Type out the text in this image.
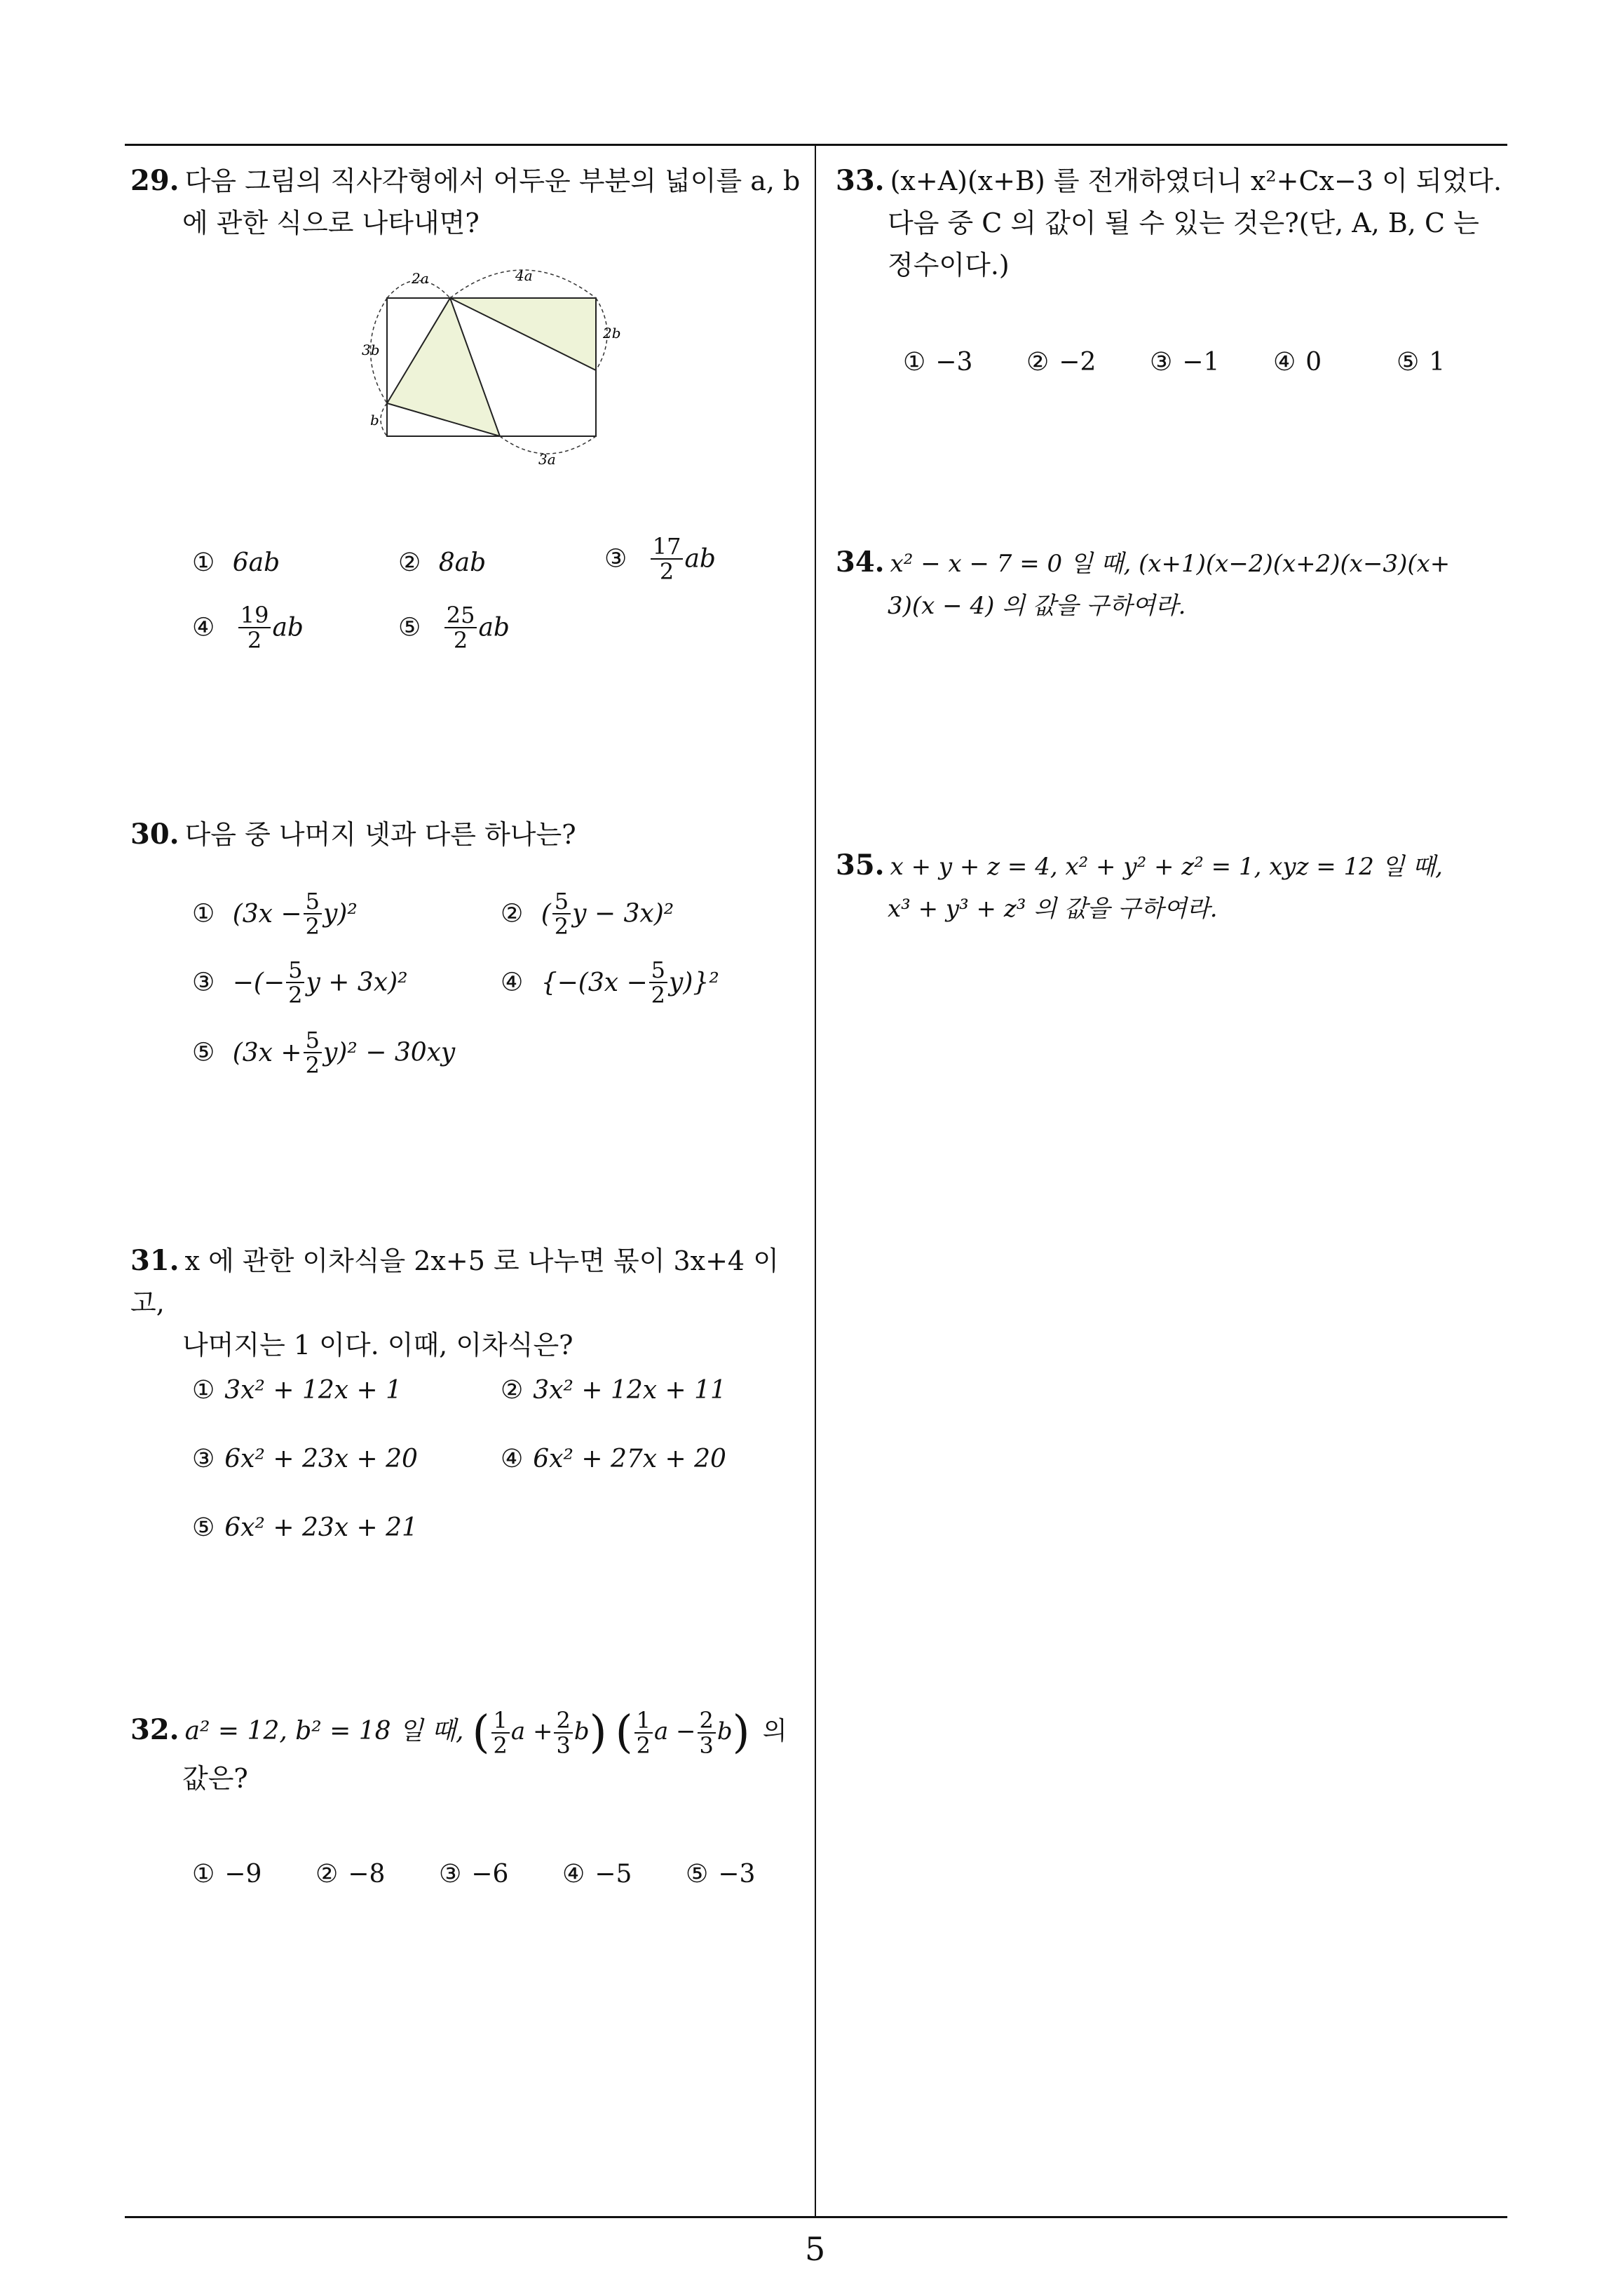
29. 다음 그림의 직사각형에서 어두운 부분의 넓이를 a, b
에 관한 식으로 나타내면?
2a	4a
3b
2b
b
3a
① 6ab	② 8ab	③ $\frac{17}{2}$ ab
④ $\frac{19}{2}$ ab	⑤ $\frac{25}{2}$ ab
30. 다음 중 나머지 넷과 다른 하나는?
① $(3x - \frac{5}{2} y)^2$	② ( $\frac{5}{2}$ y − 3x)²
③ −(− $\frac{5}{2}$ y + 3x)²	④ $\{-(3x - \frac{5}{2} y)\}^2$
⑤ $(3x + \frac{5}{2} y)^2 - 30xy$
31. x 에 관한 이차식을 2x+5 로 나누면 몫이 3x+4 이고,
나머지는 1 이다. 이때, 이차식은?
① 3x² + 12x + 1	② 3x² + 12x + 11
③ 6x² + 23x + 20	④ 6x² + 27x + 20
⑤ 6x² + 23x + 21
32. a² = 12, b² = 18 일 때, ( $\frac{1}{2}$ $a + \frac{2}{3} b$) ( $\frac{1}{2}$ $a - \frac{2}{3} b$) 의
값은?
① −9 ② −8 ③ −6 ④ −5 ⑤ −3
33. (x+A)(x+B) 를 전개하였더니 x²+Cx−3 이 되었다.
다음 중 C 의 값이 될 수 있는 것은?(단, A, B, C 는
정수이다.)
① −3 ② −2 ③ −1 ④ 0	⑤ 1
34. x² − x − 7 = 0 일 때, (x+1)(x−2)(x+2)(x−3)(x+
3)(x − 4) 의 값을 구하여라.
35. x + y + z = 4, x² + y² + z² = 1, xyz = 12 일 때,
x³ + y³ + z³ 의 값을 구하여라.
5
